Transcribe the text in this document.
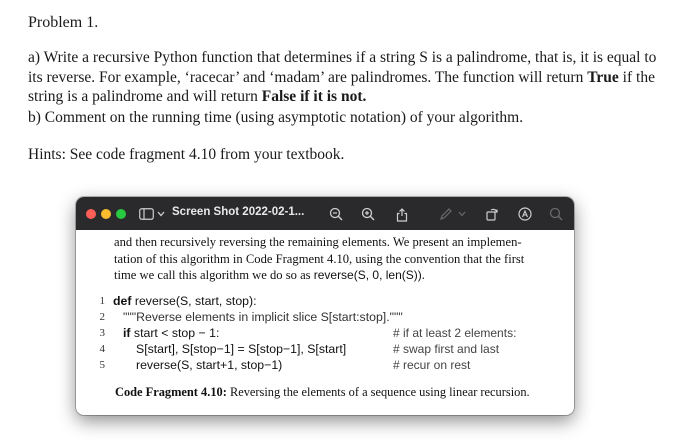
Problem 1.
a) Write a recursive Python function that determines if a string S is a palindrome, that is, it is equal to
its reverse. For example, ‘racecar’ and ‘madam’ are palindromes. The function will return True if the
string is a palindrome and will return False if it is not.
b) Comment on the running time (using asymptotic notation) of your algorithm.
Hints: See code fragment 4.10 from your textbook.
Screen Shot 2022-02-1...
and then recursively reversing the remaining elements. We present an implemen-
tation of this algorithm in Code Fragment 4.10, using the convention that the first
time we call this algorithm we do so as reverse(S, 0, len(S)).
1 def reverse(S, start, stop):
2 """Reverse elements in implicit slice S[start:stop]."""
3 if start < stop − 1:	# if at least 2 elements:
4	S[start], S[stop−1] = S[stop−1], S[start]	# swap first and last
5	reverse(S, start+1, stop−1)	# recur on rest
Code Fragment 4.10: Reversing the elements of a sequence using linear recursion.
